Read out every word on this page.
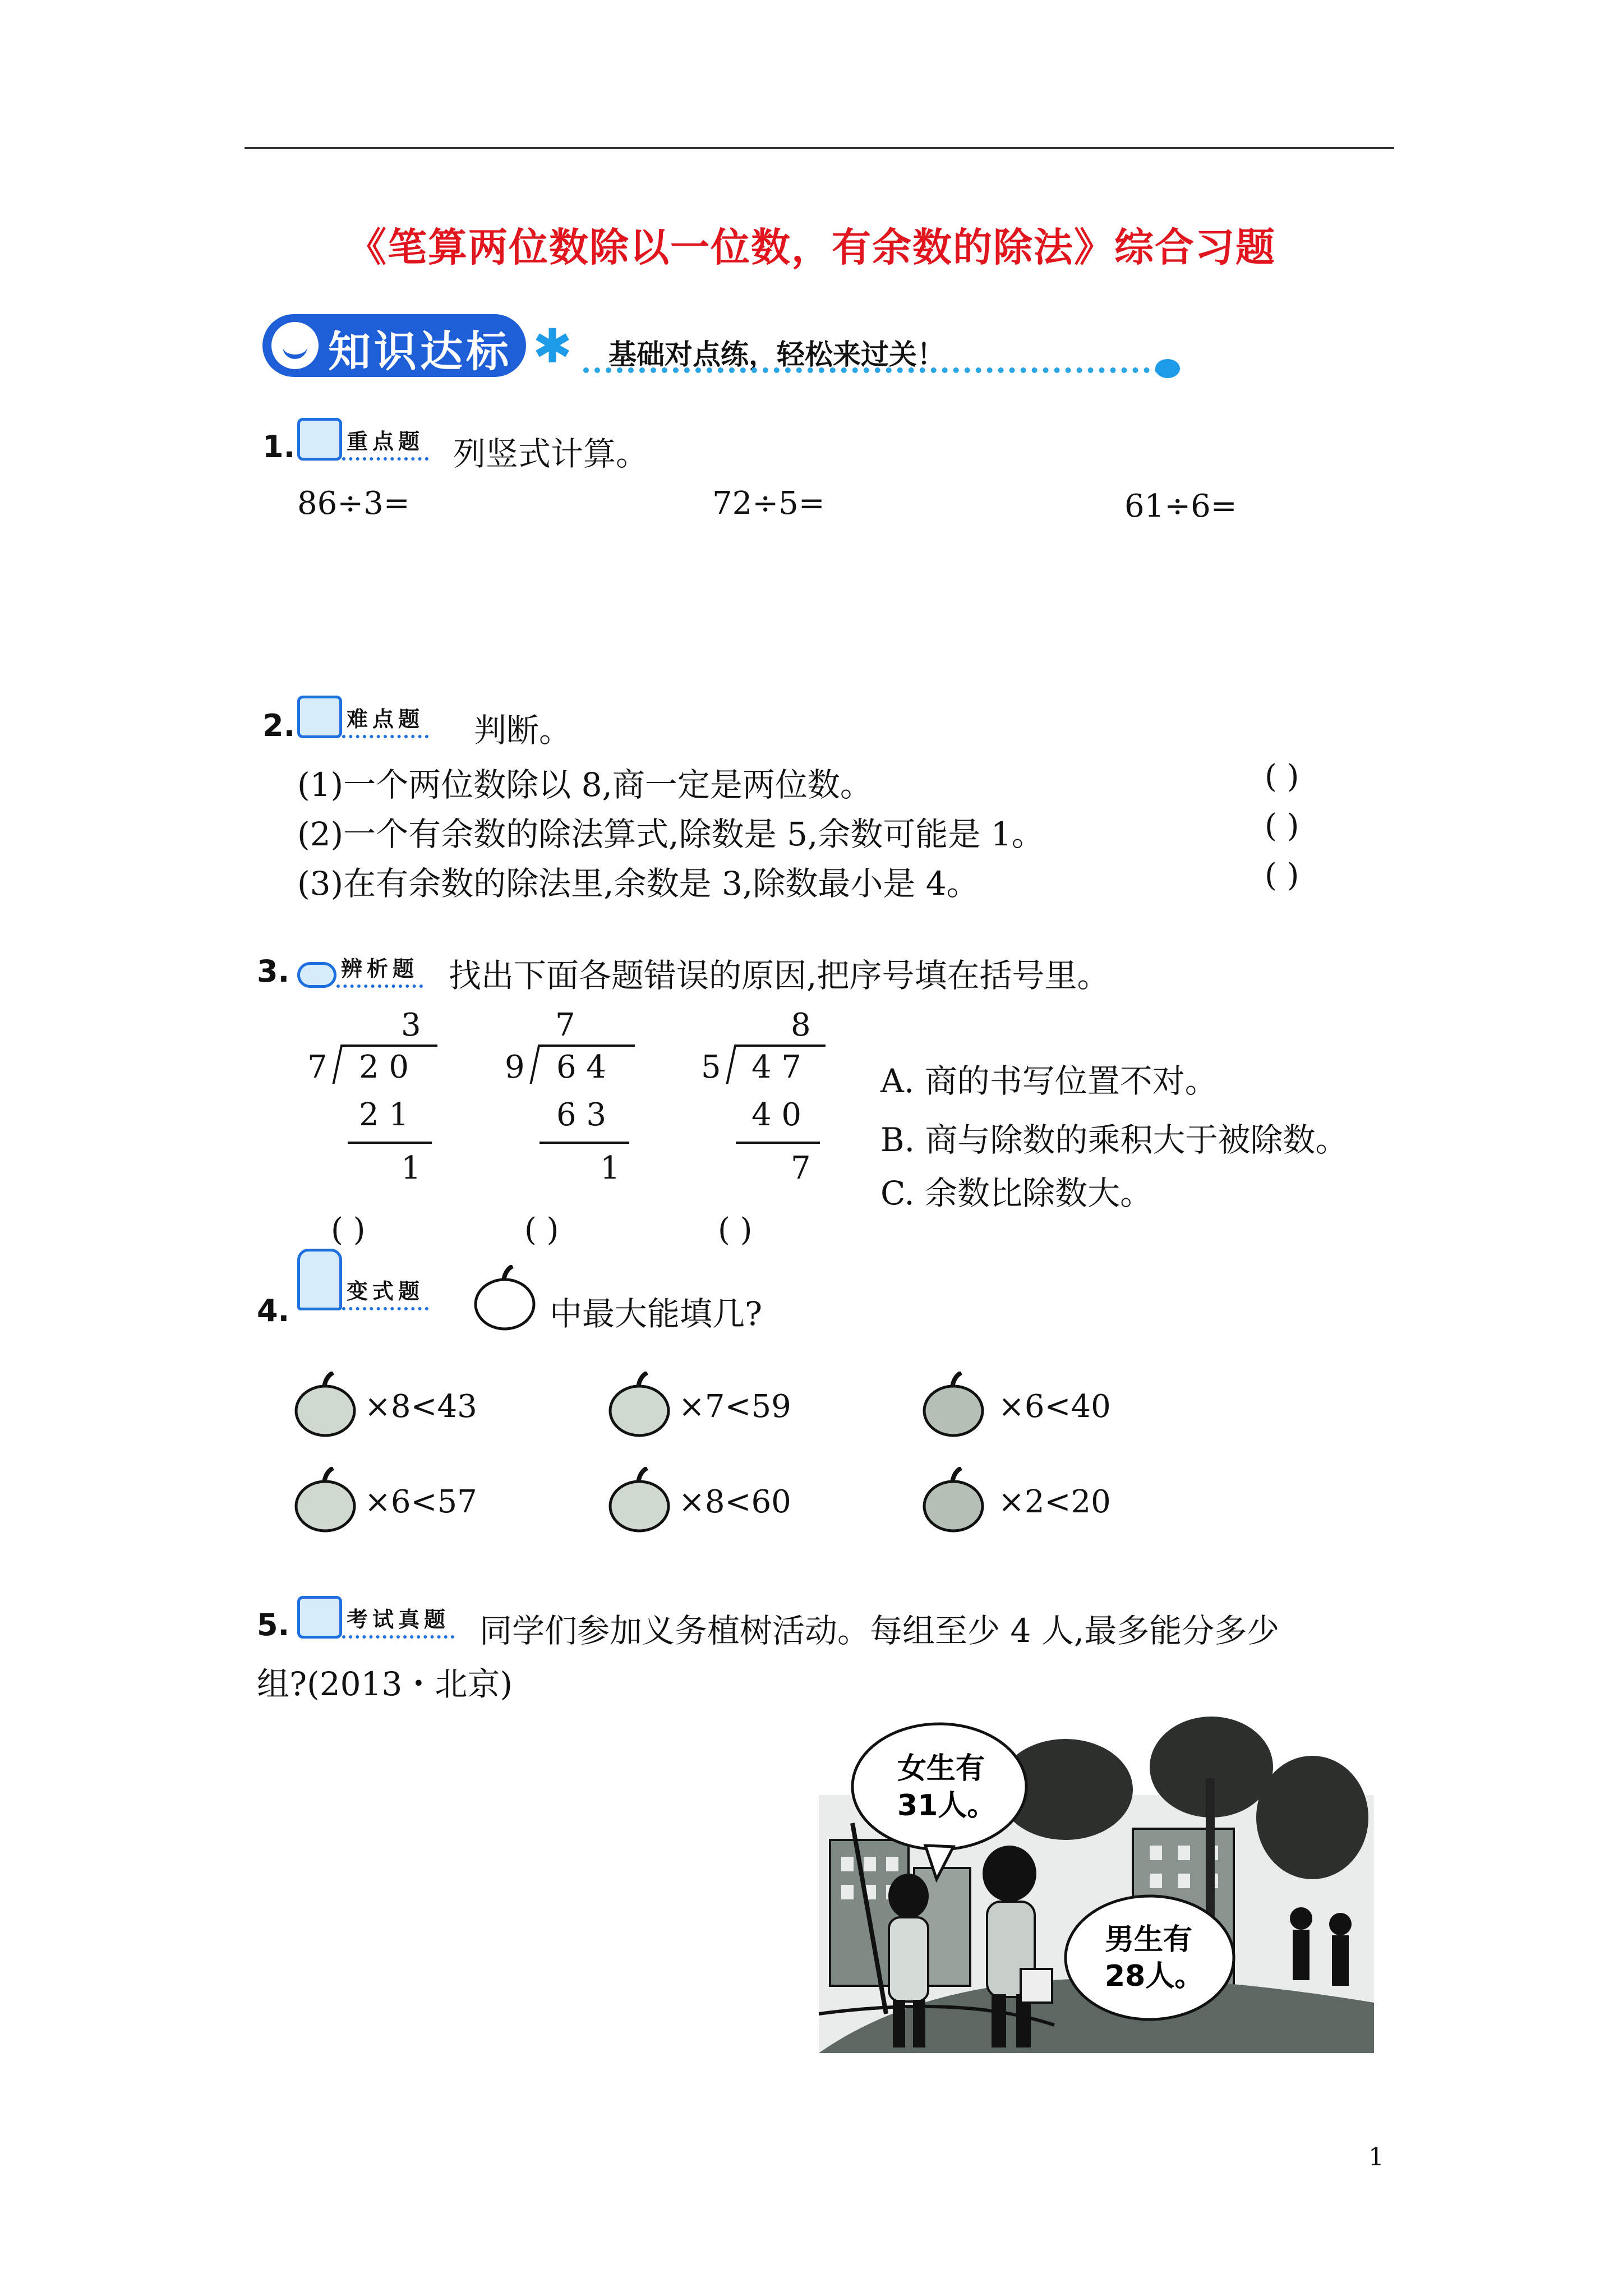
《笔算两位数除以一位数，有余数的除法》综合习题
知识达标 ✱ 基础对点练，轻松来过关！
1. 重点题 列竖式计算。
86÷3=	72÷5=	61÷6=
2. 难点题 判断。
(1)一个两位数除以 8,商一定是两位数。
(2)一个有余数的除法算式,除数是 5,余数可能是 1。
(3)在有余数的除法里,余数是 3,除数最小是 4。
( )
( )
( )
3. 辨析题 找出下面各题错误的原因,把序号填在括号里。
3
7 2 0
2 1
1
7
9 6 4
6 3
1
8
5 4 7
4 0
7
A. 商的书写位置不对。
B. 商与除数的乘积大于被除数。
C. 余数比除数大。
( )	( )	( )
4.
变式题
中最大能填几?
×8<43	×7<59	×6<40
×6<57	×8<60	×2<20
5.	考试真题 同学们参加义务植树活动。每组至少 4 人,最多能分多少
组?(2013・北京)
女生有
31人。
男生有
28人。
1
